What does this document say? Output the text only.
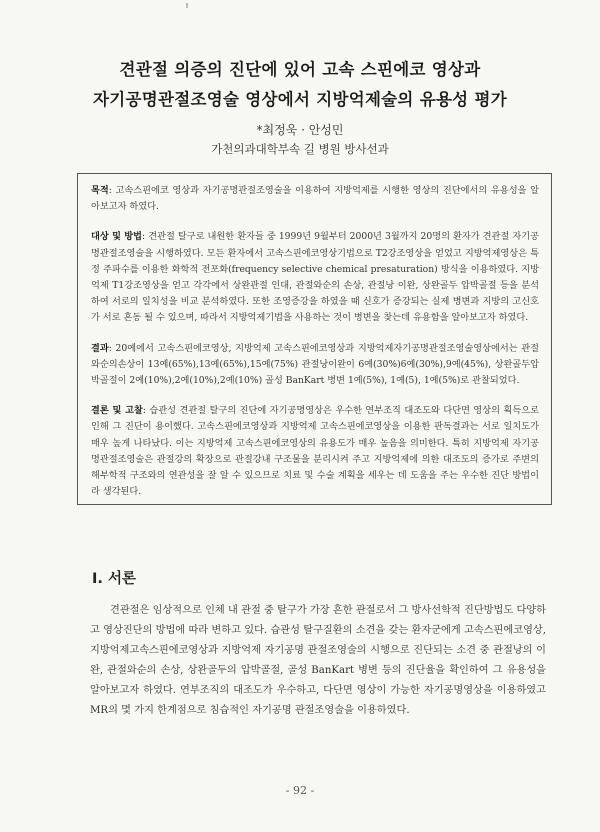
견관절 의증의 진단에 있어 고속 스핀에코 영상과
자기공명관절조영술 영상에서 지방억제술의 유용성 평가
*최정욱 · 안성민
가천의과대학부속 길 병원 방사선과

목적: 고속스핀에코 영상과 자기공명관절조영술을 이용하여 지방억제를 시행한 영상의 진단에서의 유용성을 알아보고자 하였다.

대상 및 방법: 견관절 탈구로 내원한 환자들 중 1999년 9월부터 2000년 3월까지 20명의 환자가 견관절 자기공명관절조영술을 시행하였다. 모든 환자에서 고속스핀에코영상기법으로 T2강조영상을 얻었고 지방억제영상은 특정 주파수를 이용한 화학적 전포화(frequency selective chemical presaturation) 방식을 이용하였다. 지방억제 T1강조영상을 얻고 각각에서 상완관절 인대, 관절와순의 손상, 관절낭 이완, 상완골두 압박골절 등을 분석하여 서로의 일치성을 비교 분석하였다. 또한 조영증강을 하였을 때 신호가 증강되는 실제 병변과 지방의 고신호가 서로 혼동 될 수 있으며, 따라서 지방억제기법을 사용하는 것이 병변을 찾는데 유용함을 알아보고자 하였다.

결과: 20예에서 고속스핀에코영상, 지방억제 고속스핀에코영상과 지방억제자기공명관절조영술영상에서는 관절와순의손상이 13예(65%),13예(65%),15예(75%) 관절낭이완이 6예(30%)6예(30%),9예(45%), 상완골두압박골절이 2예(10%),2예(10%),2예(10%) 골성 BanKart 병변 1예(5%), 1예(5), 1예(5%)로 관찰되었다.

결론 및 고찰: 습관성 견관절 탈구의 진단에 자기공명영상은 우수한 연부조직 대조도와 다단면 영상의 획득으로 인해 그 진단이 용이했다. 고속스핀에코영상과 지방억제 고속스핀에코영상을 이용한 판독결과는 서로 일치도가 매우 높게 나타났다. 이는 지방억제 고속스핀에코영상의 유용도가 매우 높음을 의미한다. 특히 지방억제 자기공명관절조영술은 관절강의 확장으로 관절강내 구조물을 분리시켜 주고 지방억제에 의한 대조도의 증가로 주변의 해부학적 구조와의 연관성을 잘 알 수 있으므로 치료 및 수술 계획을 세우는 데 도움을 주는 우수한 진단 방법이라 생각된다.

Ⅰ. 서론

견관절은 임상적으로 인체 내 관절 중 탈구가 가장 흔한 관절로서 그 방사선학적 진단방법도 다양하고 영상진단의 방법에 따라 변하고 있다. 습관성 탈구질환의 소견을 갖는 환자군에게 고속스핀에코영상, 지방억제고속스핀에코영상과 지방억제 자기공명 관절조영술의 시행으로 진단되는 소견 중 관절낭의 이완, 관절와순의 손상, 상완골두의 압박골절, 골성 BanKart 병변 등의 진단율을 확인하여 그 유용성을 알아보고자 하였다. 연부조직의 대조도가 우수하고, 다단면 영상이 가능한 자기공명영상을 이용하였고 MR의 몇 가지 한계점으로 침습적인 자기공명 관절조영술을 이용하였다.

- 92 -
